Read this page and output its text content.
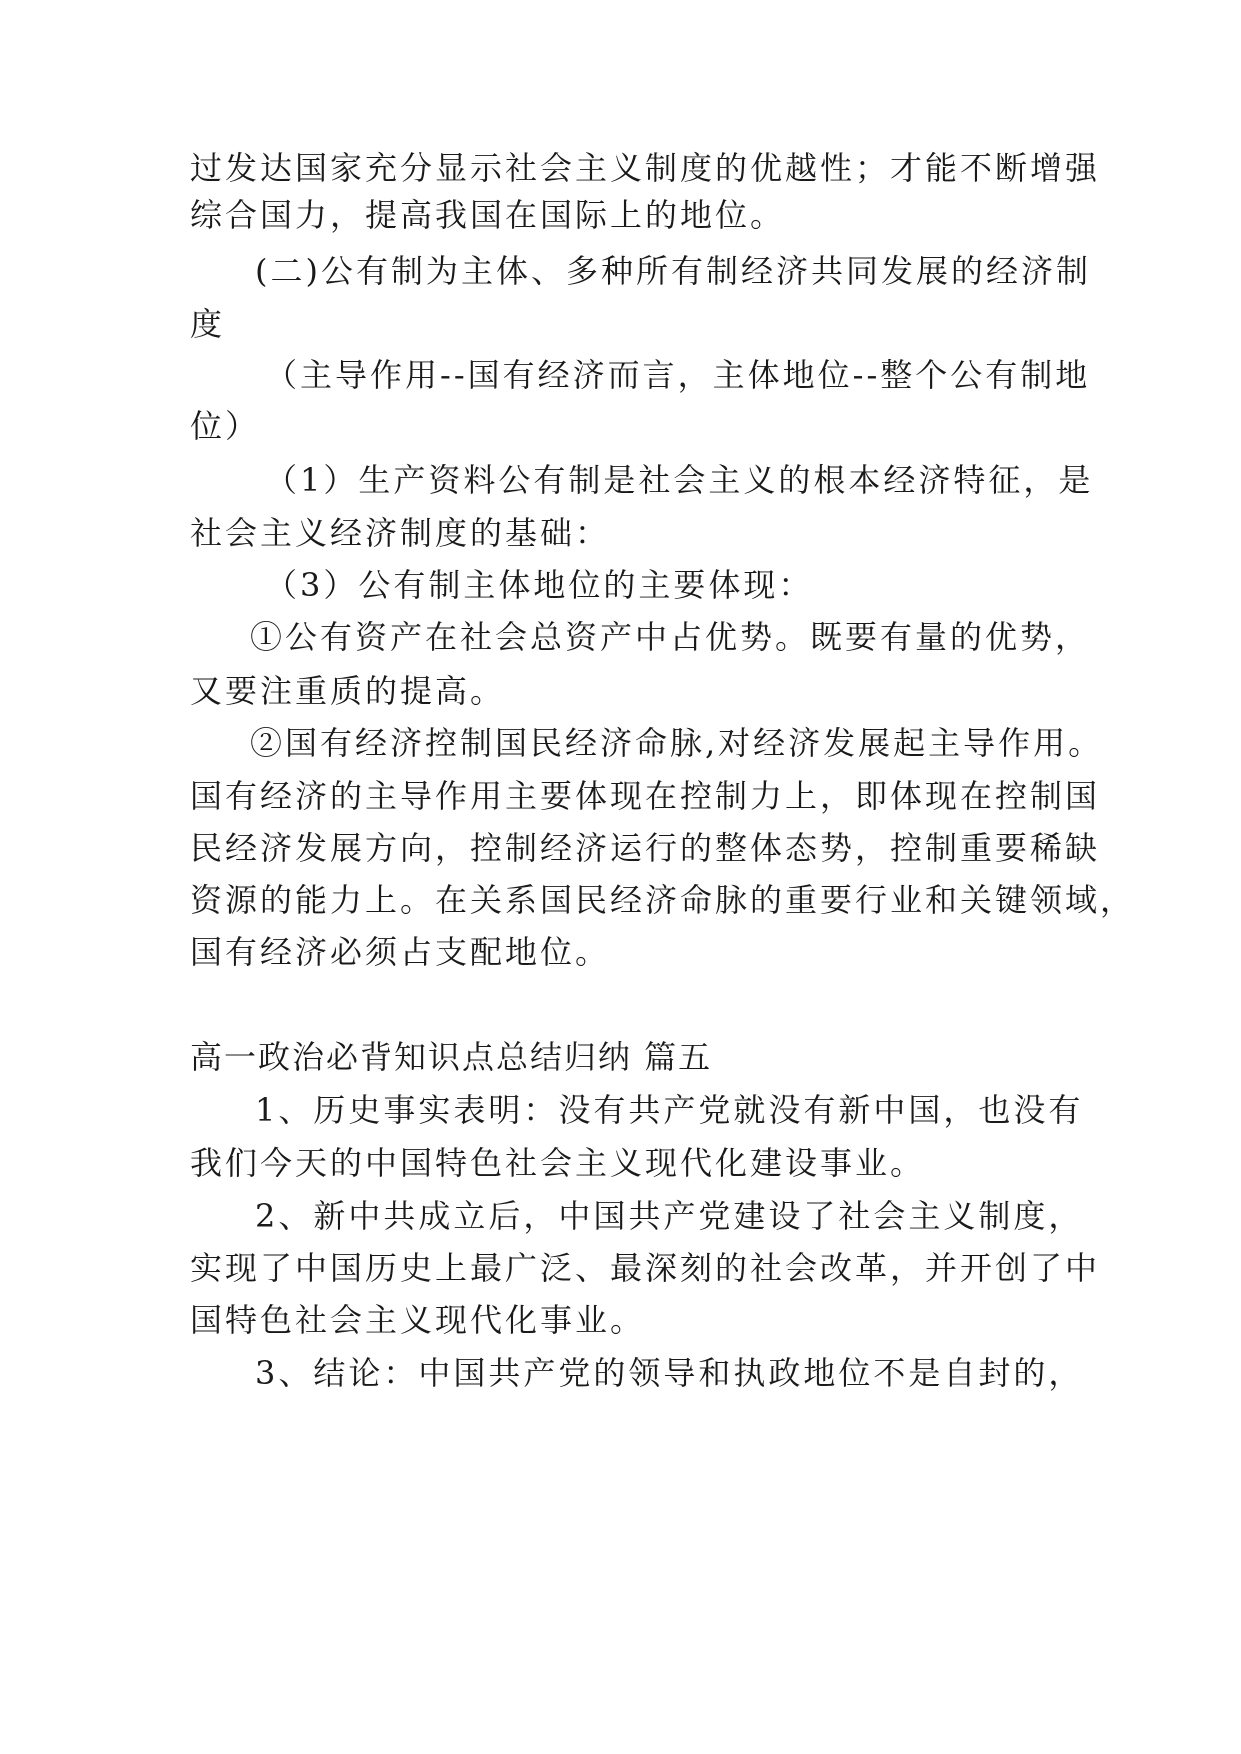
过发达国家充分显示社会主义制度的优越性；才能不断增强
综合国力，提高我国在国际上的地位。
(二)公有制为主体、多种所有制经济共同发展的经济制
度
（主导作用--国有经济而言，主体地位--整个公有制地
位）
（1）生产资料公有制是社会主义的根本经济特征，是
社会主义经济制度的基础：
（3）公有制主体地位的主要体现：
①公有资产在社会总资产中占优势。既要有量的优势，
又要注重质的提高。
②国有经济控制国民经济命脉,对经济发展起主导作用。
国有经济的主导作用主要体现在控制力上，即体现在控制国
民经济发展方向，控制经济运行的整体态势，控制重要稀缺
资源的能力上。在关系国民经济命脉的重要行业和关键领域，
国有经济必须占支配地位。
高一政治必背知识点总结归纳 篇五
1、历史事实表明：没有共产党就没有新中国，也没有
我们今天的中国特色社会主义现代化建设事业。
2、新中共成立后，中国共产党建设了社会主义制度，
实现了中国历史上最广泛、最深刻的社会改革，并开创了中
国特色社会主义现代化事业。
3、结论：中国共产党的领导和执政地位不是自封的，
